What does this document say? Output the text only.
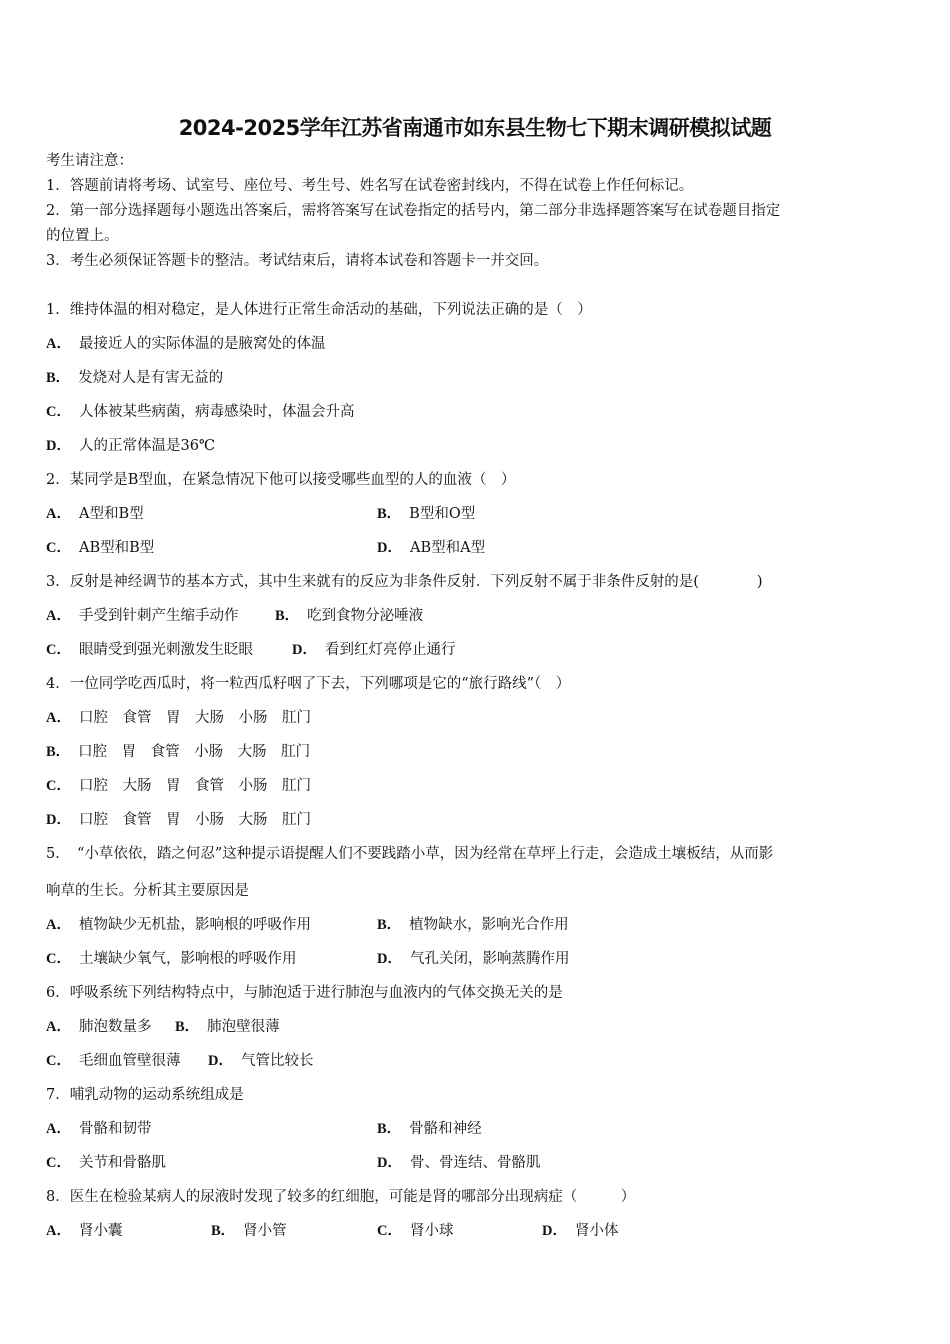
2024-2025学年江苏省南通市如东县生物七下期末调研模拟试题
考生请注意：
1．答题前请将考场、试室号、座位号、考生号、姓名写在试卷密封线内，不得在试卷上作任何标记。
2．第一部分选择题每小题选出答案后，需将答案写在试卷指定的括号内，第二部分非选择题答案写在试卷题目指定
的位置上。
3．考生必须保证答题卡的整洁。考试结束后，请将本试卷和答题卡一并交回。
1．维持体温的相对稳定，是人体进行正常生命活动的基础，下列说法正确的是（　）
A． 最接近人的实际体温的是腋窝处的体温
B． 发烧对人是有害无益的
C． 人体被某些病菌，病毒感染时，体温会升高
D． 人的正常体温是36℃
2．某同学是B型血，在紧急情况下他可以接受哪些血型的人的血液（　）
A． A型和B型	B． B型和O型
C． AB型和B型	D． AB型和A型
3．反射是神经调节的基本方式，其中生来就有的反应为非条件反射．下列反射不属于非条件反射的是(　　　　)
A． 手受到针刺产生缩手动作	B． 吃到食物分泌唾液
C． 眼睛受到强光刺激发生眨眼	D． 看到红灯亮停止通行
4．一位同学吃西瓜时，将一粒西瓜籽咽了下去，下列哪项是它的“旅行路线”（　）
A． 口腔　食管　胃　大肠　小肠　肛门
B． 口腔　胃　食管　小肠　大肠　肛门
C． 口腔　大肠　胃　食管　小肠　肛门
D． 口腔　食管　胃　小肠　大肠　肛门
5．　“小草依依，踏之何忍”这种提示语提醒人们不要践踏小草，因为经常在草坪上行走，会造成土壤板结，从而影
响草的生长。分析其主要原因是
A． 植物缺少无机盐，影响根的呼吸作用	B． 植物缺水，影响光合作用
C． 土壤缺少氧气，影响根的呼吸作用	D． 气孔关闭，影响蒸腾作用
6．呼吸系统下列结构特点中，与肺泡适于进行肺泡与血液内的气体交换无关的是
A． 肺泡数量多 B． 肺泡壁很薄
C． 毛细血管壁很薄 D． 气管比较长
7．哺乳动物的运动系统组成是
A． 骨骼和韧带	B． 骨骼和神经
C． 关节和骨骼肌	D． 骨、骨连结、骨骼肌
8．医生在检验某病人的尿液时发现了较多的红细胞，可能是肾的哪部分出现病症（　　　）
A． 肾小囊	B． 肾小管	C． 肾小球	D． 肾小体
